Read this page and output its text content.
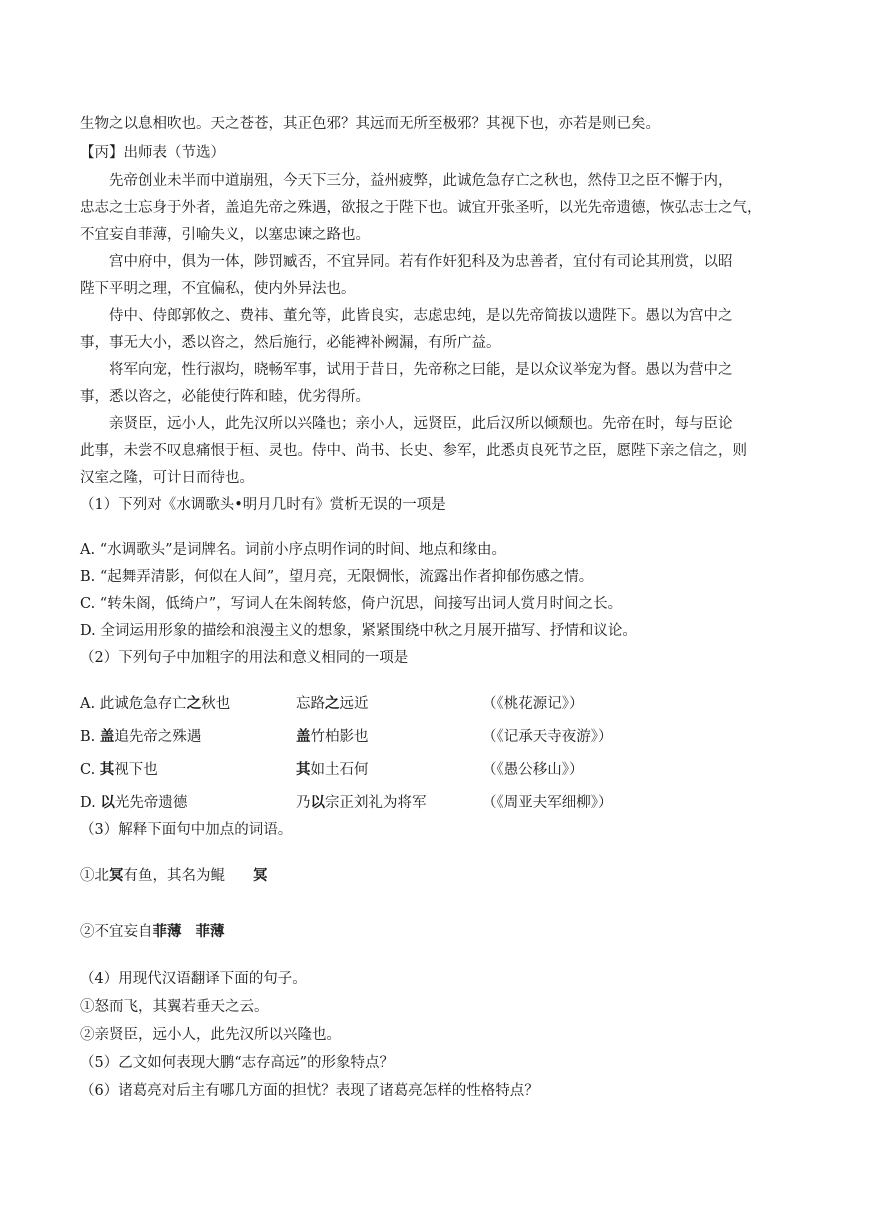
生物之以息相吹也。天之苍苍，其正色邪？其远而无所至极邪？其视下也，亦若是则已矣。
【丙】出师表（节选）
　　先帝创业未半而中道崩殂，今天下三分，益州疲弊，此诚危急存亡之秋也，然侍卫之臣不懈于内，
忠志之士忘身于外者，盖追先帝之殊遇，欲报之于陛下也。诚宜开张圣听，以光先帝遗德，恢弘志士之气，
不宜妄自菲薄，引喻失义，以塞忠谏之路也。
　　宫中府中，俱为一体，陟罚臧否，不宜异同。若有作奸犯科及为忠善者，宜付有司论其刑赏，以昭
陛下平明之理，不宜偏私，使内外异法也。
　　侍中、侍郎郭攸之、费祎、董允等，此皆良实，志虑忠纯，是以先帝简拔以遗陛下。愚以为宫中之
事，事无大小，悉以咨之，然后施行，必能裨补阙漏，有所广益。
　　将军向宠，性行淑均，晓畅军事，试用于昔日，先帝称之曰能，是以众议举宠为督。愚以为营中之
事，悉以咨之，必能使行阵和睦，优劣得所。
　　亲贤臣，远小人，此先汉所以兴隆也；亲小人，远贤臣，此后汉所以倾颓也。先帝在时，每与臣论
此事，未尝不叹息痛恨于桓、灵也。侍中、尚书、长史、参军，此悉贞良死节之臣，愿陛下亲之信之，则
汉室之隆，可计日而待也。
（1）下列对《水调歌头•明月几时有》赏析无误的一项是
A. “水调歌头”是词牌名。词前小序点明作词的时间、地点和缘由。
B. “起舞弄清影，何似在人间”，望月亮，无限惆怅，流露出作者抑郁伤感之情。
C. “转朱阁，低绮户”，写词人在朱阁转悠，倚户沉思，间接写出词人赏月时间之长。
D. 全词运用形象的描绘和浪漫主义的想象，紧紧围绕中秋之月展开描写、抒情和议论。
（2）下列句子中加粗字的用法和意义相同的一项是
A. 此诚危急存亡之秋也	忘路之远近	（《桃花源记》）
B. 盖追先帝之殊遇	盖竹柏影也	（《记承天寺夜游》）
C. 其视下也	其如土石何	（《愚公移山》）
D. 以光先帝遗德	乃以宗正刘礼为将军	（《周亚夫军细柳》）
（3）解释下面句中加点的词语。
①北冥有鱼，其名为鲲 冥
②不宜妄自菲薄 菲薄
（4）用现代汉语翻译下面的句子。
①怒而飞，其翼若垂天之云。
②亲贤臣，远小人，此先汉所以兴隆也。
（5）乙文如何表现大鹏“志存高远”的形象特点？
（6）诸葛亮对后主有哪几方面的担忧？表现了诸葛亮怎样的性格特点？
